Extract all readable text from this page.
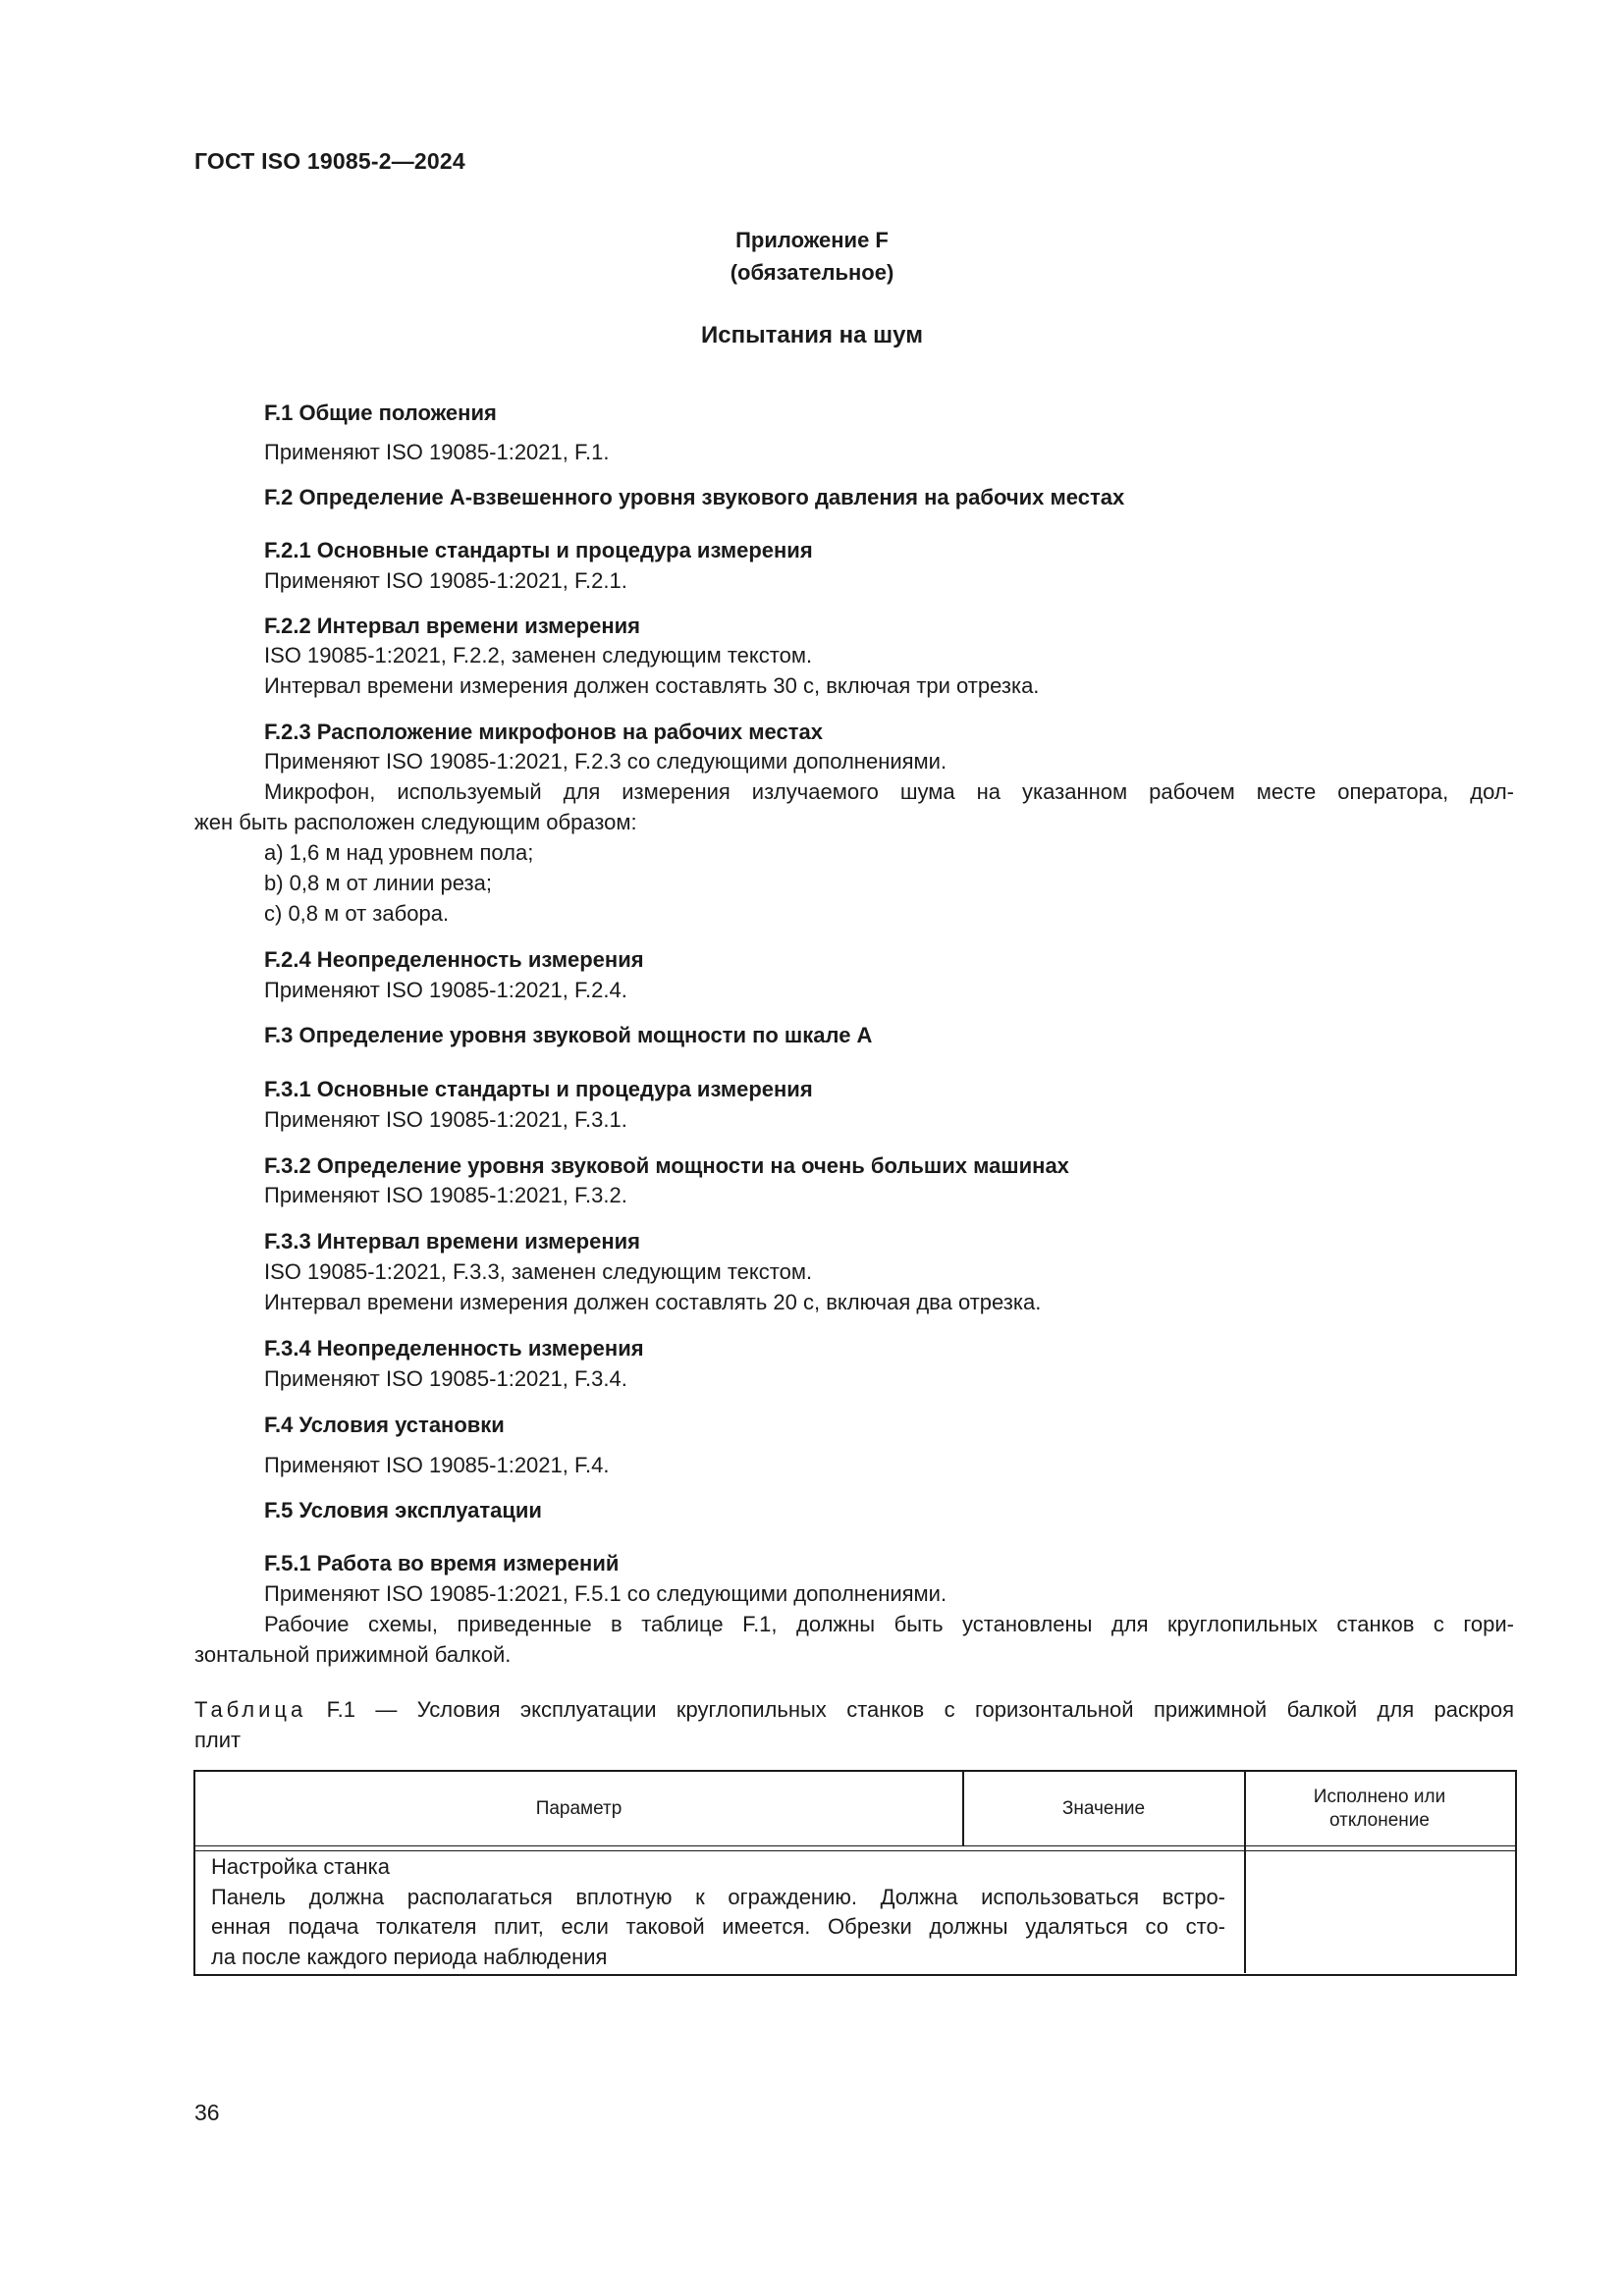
ГОСТ ISO 19085-2—2024
Приложение F
(обязательное)
Испытания на шум
F.1 Общие положения
Применяют ISO 19085-1:2021, F.1.
F.2 Определение А-взвешенного уровня звукового давления на рабочих местах
F.2.1 Основные стандарты и процедура измерения
Применяют ISO 19085-1:2021, F.2.1.
F.2.2 Интервал времени измерения
ISO 19085-1:2021, F.2.2, заменен следующим текстом.
Интервал времени измерения должен составлять 30 с, включая три отрезка.
F.2.3 Расположение микрофонов на рабочих местах
Применяют ISO 19085-1:2021, F.2.3 со следующими дополнениями.
Микрофон, используемый для измерения излучаемого шума на указанном рабочем месте оператора, дол-
жен быть расположен следующим образом:
a) 1,6 м над уровнем пола;
b) 0,8 м от линии реза;
c) 0,8 м от забора.
F.2.4 Неопределенность измерения
Применяют ISO 19085-1:2021, F.2.4.
F.3 Определение уровня звуковой мощности по шкале А
F.3.1 Основные стандарты и процедура измерения
Применяют ISO 19085-1:2021, F.3.1.
F.3.2 Определение уровня звуковой мощности на очень больших машинах
Применяют ISO 19085-1:2021, F.3.2.
F.3.3 Интервал времени измерения
ISO 19085-1:2021, F.3.3, заменен следующим текстом.
Интервал времени измерения должен составлять 20 с, включая два отрезка.
F.3.4 Неопределенность измерения
Применяют ISO 19085-1:2021, F.3.4.
F.4 Условия установки
Применяют ISO 19085-1:2021, F.4.
F.5 Условия эксплуатации
F.5.1 Работа во время измерений
Применяют ISO 19085-1:2021, F.5.1 со следующими дополнениями.
Рабочие схемы, приведенные в таблице F.1, должны быть установлены для круглопильных станков с гори-
зонтальной прижимной балкой.
Таблица F.1 — Условия эксплуатации круглопильных станков с горизонтальной прижимной балкой для раскроя
плит
Параметр	Значение
Исполнено или
отклонение
Настройка станка
Панель должна располагаться вплотную к ограждению. Должна использоваться встро-
енная подача толкателя плит, если таковой имеется. Обрезки должны удаляться со сто-
ла после каждого периода наблюдения
36
